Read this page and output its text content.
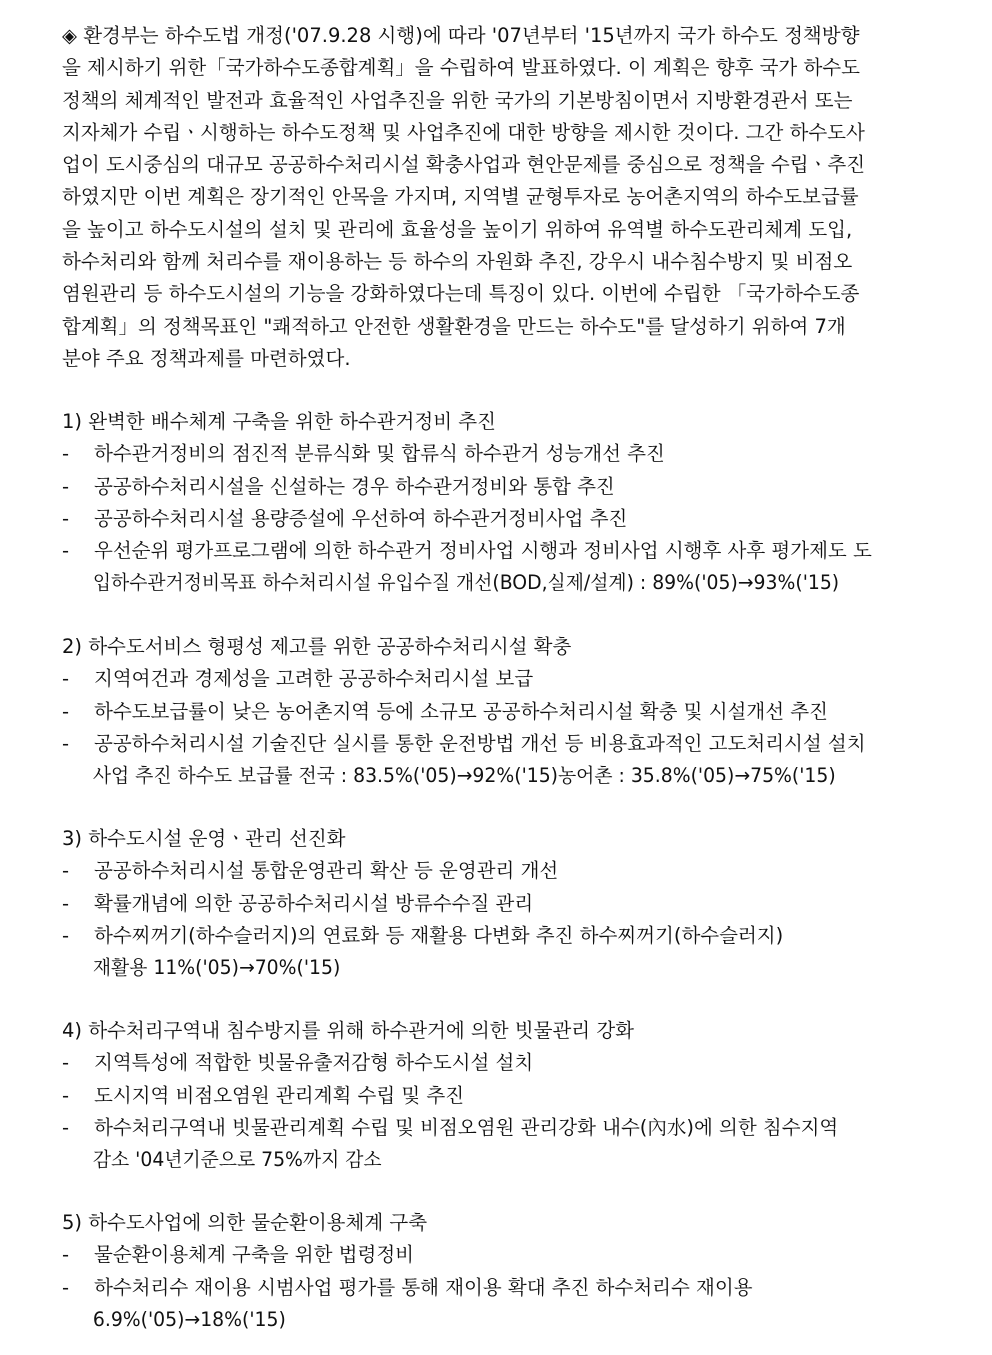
◈ 환경부는 하수도법 개정('07.9.28 시행)에 따라 '07년부터 '15년까지 국가 하수도 정책방향
을 제시하기 위한「국가하수도종합계획」을 수립하여 발표하였다. 이 계획은 향후 국가 하수도
정책의 체계적인 발전과 효율적인 사업추진을 위한 국가의 기본방침이면서 지방환경관서 또는
지자체가 수립ㆍ시행하는 하수도정책 및 사업추진에 대한 방향을 제시한 것이다. 그간 하수도사
업이 도시중심의 대규모 공공하수처리시설 확충사업과 현안문제를 중심으로 정책을 수립ㆍ추진
하였지만 이번 계획은 장기적인 안목을 가지며, 지역별 균형투자로 농어촌지역의 하수도보급률
을 높이고 하수도시설의 설치 및 관리에 효율성을 높이기 위하여 유역별 하수도관리체계 도입,
하수처리와 함께 처리수를 재이용하는 등 하수의 자원화 추진, 강우시 내수침수방지 및 비점오
염원관리 등 하수도시설의 기능을 강화하였다는데 특징이 있다. 이번에 수립한 「국가하수도종
합계획」의 정책목표인 "쾌적하고 안전한 생활환경을 만드는 하수도"를 달성하기 위하여 7개
분야 주요 정책과제를 마련하였다.
1) 완벽한 배수체계 구축을 위한 하수관거정비 추진
-	하수관거정비의 점진적 분류식화 및 합류식 하수관거 성능개선 추진
-	공공하수처리시설을 신설하는 경우 하수관거정비와 통합 추진
-	공공하수처리시설 용량증설에 우선하여 하수관거정비사업 추진
-	우선순위 평가프로그램에 의한 하수관거 정비사업 시행과 정비사업 시행후 사후 평가제도 도
입하수관거정비목표 하수처리시설 유입수질 개선(BOD,실제/설계) : 89%('05)→93%('15)
2) 하수도서비스 형평성 제고를 위한 공공하수처리시설 확충
-	지역여건과 경제성을 고려한 공공하수처리시설 보급
-	하수도보급률이 낮은 농어촌지역 등에 소규모 공공하수처리시설 확충 및 시설개선 추진
-	공공하수처리시설 기술진단 실시를 통한 운전방법 개선 등 비용효과적인 고도처리시설 설치
사업 추진 하수도 보급률 전국 : 83.5%('05)→92%('15)농어촌 : 35.8%('05)→75%('15)
3) 하수도시설 운영ㆍ관리 선진화
-	공공하수처리시설 통합운영관리 확산 등 운영관리 개선
-	확률개념에 의한 공공하수처리시설 방류수수질 관리
-	하수찌꺼기(하수슬러지)의 연료화 등 재활용 다변화 추진 하수찌꺼기(하수슬러지)
재활용 11%('05)→70%('15)
4) 하수처리구역내 침수방지를 위해 하수관거에 의한 빗물관리 강화
-	지역특성에 적합한 빗물유출저감형 하수도시설 설치
-	도시지역 비점오염원 관리계획 수립 및 추진
-	하수처리구역내 빗물관리계획 수립 및 비점오염원 관리강화 내수(內水)에 의한 침수지역
감소 '04년기준으로 75%까지 감소
5) 하수도사업에 의한 물순환이용체계 구축
-	물순환이용체계 구축을 위한 법령정비
-	하수처리수 재이용 시범사업 평가를 통해 재이용 확대 추진 하수처리수 재이용
6.9%('05)→18%('15)
